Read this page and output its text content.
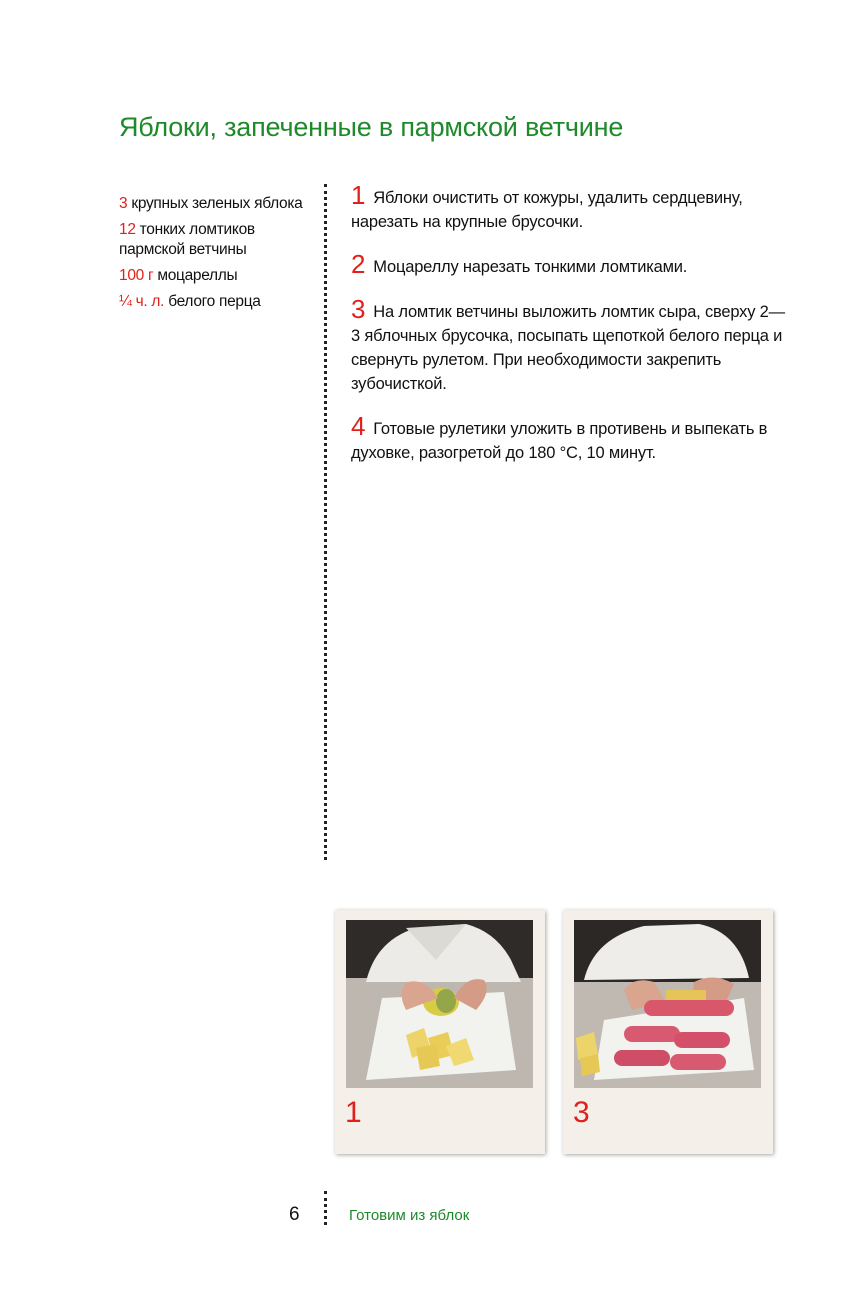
Яблоки, запеченные в пармской ветчине
3 крупных зеленых яблока
12 тонких ломтиков пармской ветчины
100 г моцареллы
¼ ч. л. белого перца
1 Яблоки очистить от кожуры, удалить сердцевину, нарезать на крупные брусочки.
2 Моцареллу нарезать тонкими ломтиками.
3 На ломтик ветчины выложить ломтик сыра, сверху 2—3 яблочных брусочка, посыпать щепоткой белого перца и свернуть рулетом. При необходимости закрепить зубочисткой.
4 Готовые рулетики уложить в противень и выпекать в духовке, разогретой до 180 °C, 10 минут.
1	3
6	Готовим из яблок
